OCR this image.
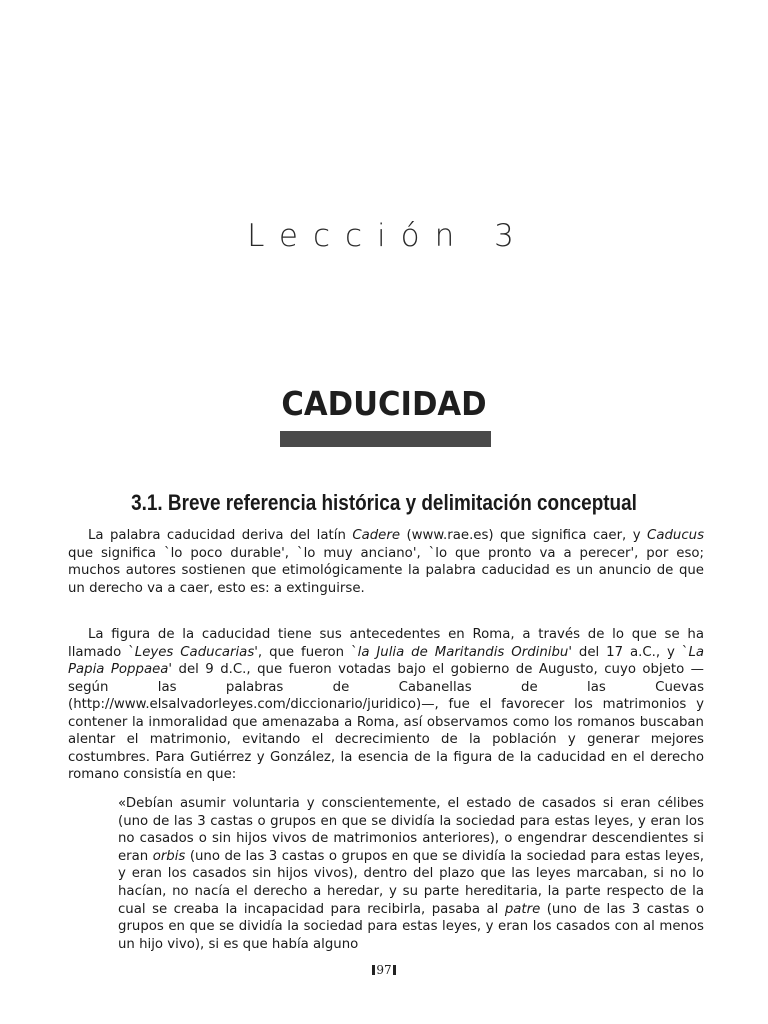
Lección 3
CADUCIDAD
3.1. Breve referencia histórica y delimitación conceptual

La palabra caducidad deriva del latín Cadere (www.rae.es) que significa caer, y Caducus que significa `lo poco durable', `lo muy anciano', `lo que pronto va a perecer', por eso; muchos autores sostienen que etimológicamente la palabra caducidad es un anuncio de que un derecho va a caer, esto es: a extinguirse.

La figura de la caducidad tiene sus antecedentes en Roma, a través de lo que se ha llamado `Leyes Caducarias', que fueron `la Julia de Maritandis Ordinibu' del 17 a.C., y `La Papia Poppaea' del 9 d.C., que fueron votadas bajo el gobierno de Augusto, cuyo objeto —según las palabras de Cabanellas de las Cuevas (http://www.elsalvadorleyes.com/diccionario/juridico)—, fue el favorecer los matrimonios y contener la inmoralidad que amenazaba a Roma, así observamos como los romanos buscaban alentar el matrimonio, evitando el decrecimiento de la población y generar mejores costumbres. Para Gutiérrez y González, la esencia de la figura de la caducidad en el derecho romano consistía en que:

«Debían asumir voluntaria y conscientemente, el estado de casados si eran célibes (uno de las 3 castas o grupos en que se dividía la sociedad para estas leyes, y eran los no casados o sin hijos vivos de matrimonios anteriores), o engendrar descendientes si eran orbis (uno de las 3 castas o grupos en que se dividía la sociedad para estas leyes, y eran los casados sin hijos vivos), dentro del plazo que las leyes marcaban, si no lo hacían, no nacía el derecho a heredar, y su parte hereditaria, la parte respecto de la cual se creaba la incapacidad para recibirla, pasaba al patre (uno de las 3 castas o grupos en que se dividía la sociedad para estas leyes, y eran los casados con al menos un hijo vivo), si es que había alguno

97
